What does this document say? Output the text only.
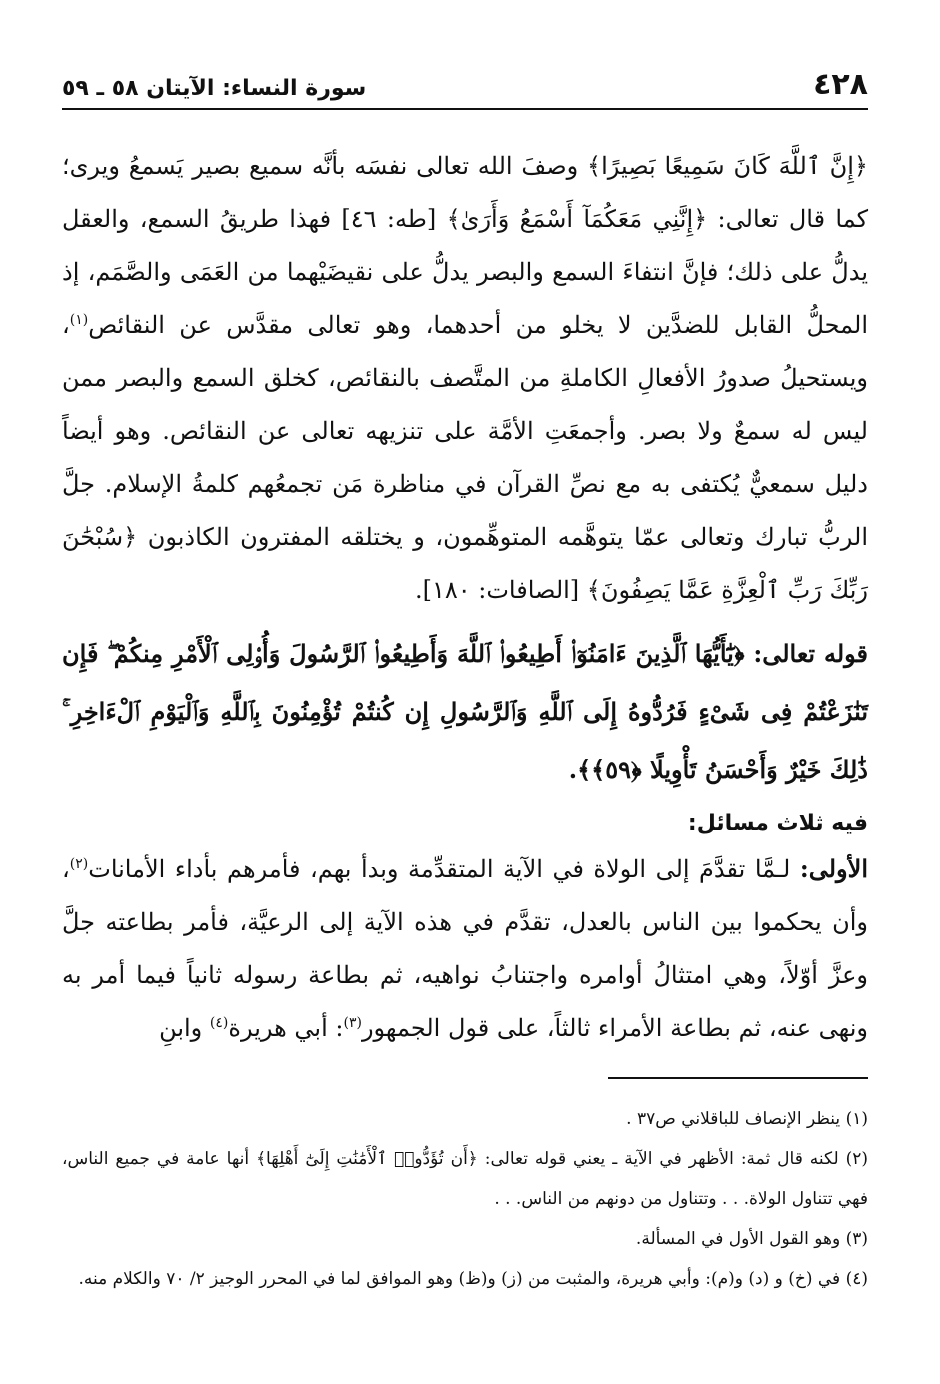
٤٢٨
سورة النساء: الآيتان ٥٨ ـ ٥٩

﴿إِنَّ ٱللَّهَ كَانَ سَمِيعًا بَصِيرًا﴾ وصفَ الله تعالى نفسَه بأنَّه سميع بصير يَسمعُ ويرى؛ كما قال تعالى: ﴿إِنَّنِي مَعَكُمَآ أَسْمَعُ وَأَرَىٰ﴾ [طه: ٤٦] فهذا طريقُ السمع، والعقل يدلُّ على ذلك؛ فإنَّ انتفاءَ السمع والبصر يدلُّ على نقيضَيْهما من العَمَى والصَّمَم، إذ المحلُّ القابل للضدَّين لا يخلو من أحدهما، وهو تعالى مقدَّس عن النقائص$^{(١)}$، ويستحيلُ صدورُ الأفعالِ الكاملةِ من المتَّصف بالنقائص، كخلق السمع والبصر ممن ليس له سمعٌ ولا بصر. وأجمعَتِ الأمَّة على تنزيهه تعالى عن النقائص. وهو أيضاً دليل سمعيٌّ يُكتفى به مع نصِّ القرآن في مناظرة مَن تجمعُهم كلمةُ الإسلام. جلَّ الربُّ تبارك وتعالى عمّا يتوهَّمه المتوهِّمون، و يختلقه المفترون الكاذبون ﴿سُبْحَٰنَ رَبِّكَ رَبِّ ٱلْعِزَّةِ عَمَّا يَصِفُونَ﴾ [الصافات: ١٨٠].

قوله تعالى: ﴿يَٰٓأَيُّهَا ٱلَّذِينَ ءَامَنُوٓا۟ أَطِيعُوا۟ ٱللَّهَ وَأَطِيعُوا۟ ٱلرَّسُولَ وَأُو۟لِى ٱلْأَمْرِ مِنكُمْ ۖ فَإِن تَنَٰزَعْتُمْ فِى شَىْءٍ فَرُدُّوهُ إِلَى ٱللَّهِ وَٱلرَّسُولِ إِن كُنتُمْ تُؤْمِنُونَ بِٱللَّهِ وَٱلْيَوْمِ ٱلْءَاخِرِ ۚ ذَٰلِكَ خَيْرٌ وَأَحْسَنُ تَأْوِيلًا ﴿٥٩﴾﴾.
فيه ثلاث مسائل:

الأولى: لـمَّا تقدَّمَ إلى الولاة في الآية المتقدِّمة وبدأ بهم، فأمرهم بأداء الأمانات$^{(٢)}$، وأن يحكموا بين الناس بالعدل، تقدَّم في هذه الآية إلى الرعيَّة، فأمر بطاعته جلَّ وعزَّ أوّلاً، وهي امتثالُ أوامره واجتنابُ نواهيه، ثم بطاعة رسوله ثانياً فيما أمر به ونهى عنه، ثم بطاعة الأمراء ثالثاً، على قول الجمهور$^{(٣)}$: أبي هريرة$^{(٤)}$ وابنِ

(١) ينظر الإنصاف للباقلاني ص٣٧ .

(٢) لكنه قال ثمة: الأظهر في الآية ـ يعني قوله تعالى: ﴿أَن تُؤَدُّوا۟ ٱلْأَمَٰنَٰتِ إِلَىٰٓ أَهْلِهَا﴾ أنها عامة في جميع الناس، فهي تتناول الولاة. . . وتتناول من دونهم من الناس. . .

(٣) وهو القول الأول في المسألة.

(٤) في (خ) و (د) و(م): وأبي هريرة، والمثبت من (ز) و(ظ) وهو الموافق لما في المحرر الوجيز ٢/ ٧٠ والكلام منه.
